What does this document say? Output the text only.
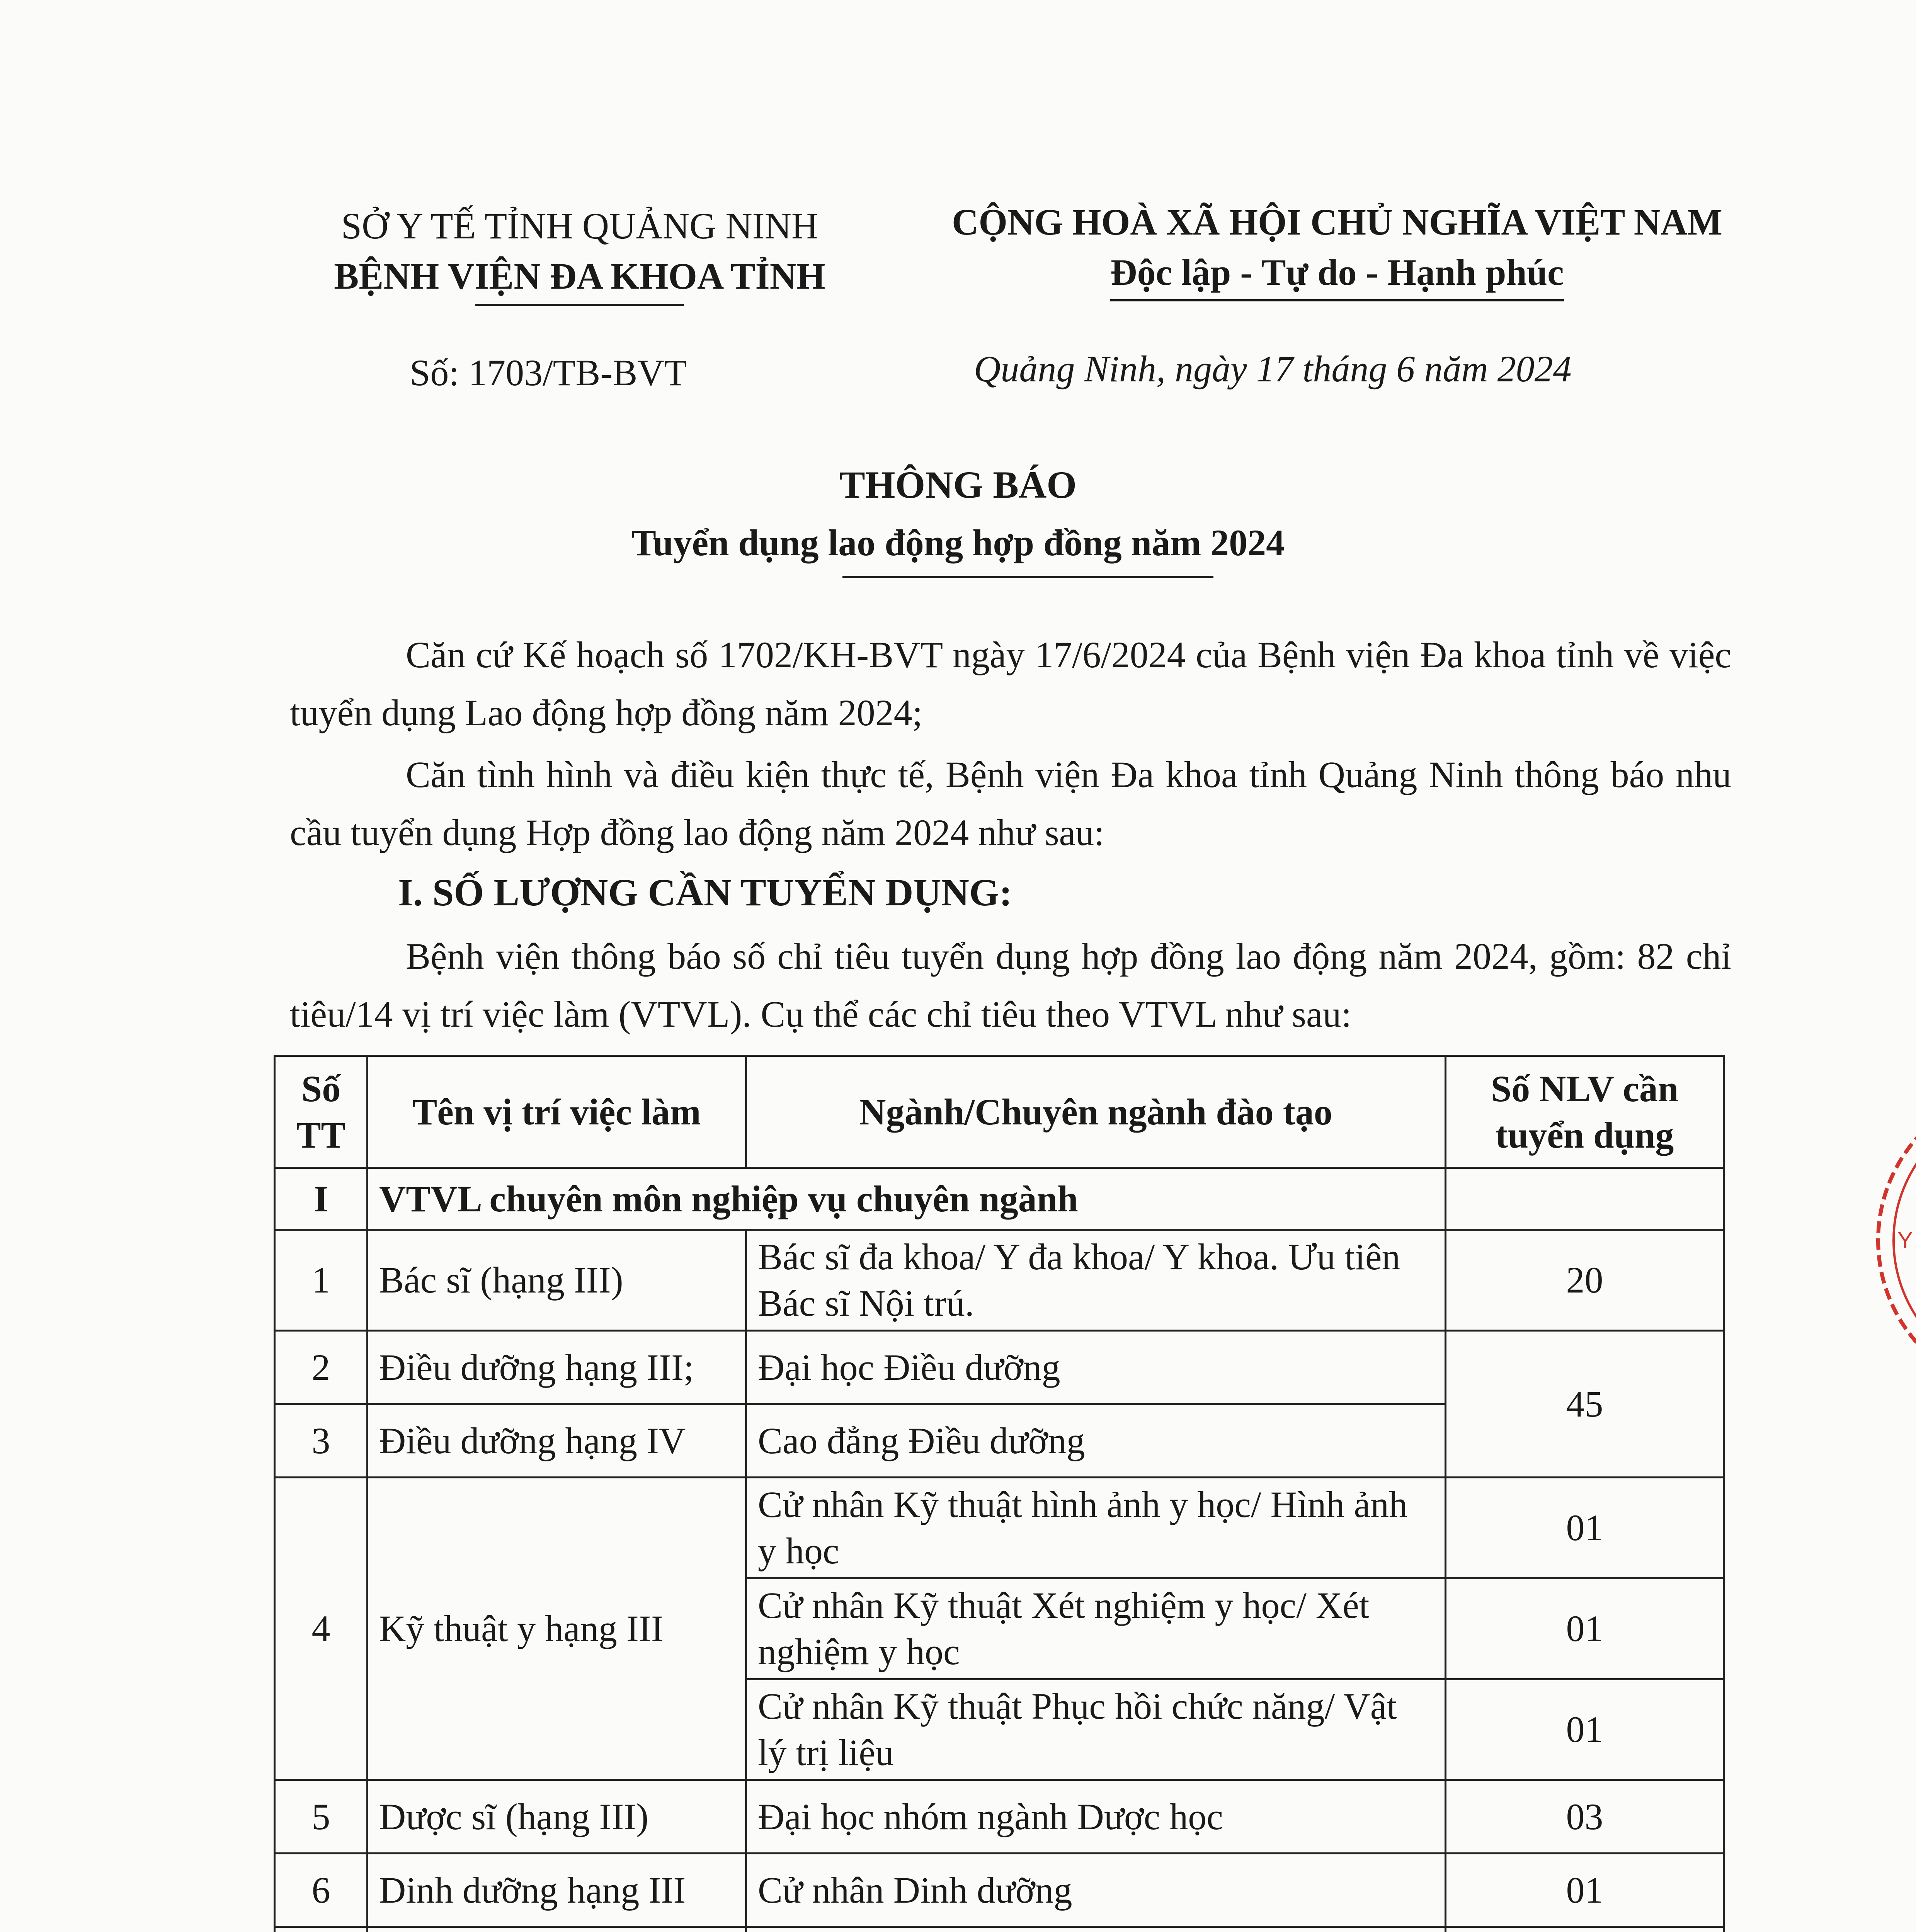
SỞ Y TẾ TỈNH QUẢNG NINH
BỆNH VIỆN ĐA KHOA TỈNH
CỘNG HOÀ XÃ HỘI CHỦ NGHĨA VIỆT NAM
Độc lập - Tự do - Hạnh phúc
Số: 1703/TB-BVT	Quảng Ninh, ngày 17 tháng 6 năm 2024
THÔNG BÁO
Tuyển dụng lao động hợp đồng năm 2024
Căn cứ Kế hoạch số 1702/KH-BVT ngày 17/6/2024 của Bệnh viện Đa khoa tỉnh về việc tuyển dụng Lao động hợp đồng năm 2024;
Căn tình hình và điều kiện thực tế, Bệnh viện Đa khoa tỉnh Quảng Ninh thông báo nhu cầu tuyển dụng Hợp đồng lao động năm 2024 như sau:
I. SỐ LƯỢNG CẦN TUYỂN DỤNG:
Bệnh viện thông báo số chỉ tiêu tuyển dụng hợp đồng lao động năm 2024, gồm: 82 chỉ tiêu/14 vị trí việc làm (VTVL). Cụ thể các chỉ tiêu theo VTVL như sau:
Số TT	Tên vị trí việc làm	Ngành/Chuyên ngành đào tạo	Số NLV cần tuyển dụng
I	VTVL chuyên môn nghiệp vụ chuyên ngành		
1	Bác sĩ (hạng III)	Bác sĩ đa khoa/ Y đa khoa/ Y khoa. Ưu tiên Bác sĩ Nội trú.	20
2	Điều dưỡng hạng III;	Đại học Điều dưỡng	45
3	Điều dưỡng hạng IV	Cao đẳng Điều dưỡng	
4	Kỹ thuật y hạng III	Cử nhân Kỹ thuật hình ảnh y học/ Hình ảnh y học	01
		Cử nhân Kỹ thuật Xét nghiệm y học/ Xét nghiệm y học	01
		Cử nhân Kỹ thuật Phục hồi chức năng/ Vật lý trị liệu	01
5	Dược sĩ (hạng III)	Đại học nhóm ngành Dược học	03
6	Dinh dưỡng hạng III	Cử nhân Dinh dưỡng	01

Y
